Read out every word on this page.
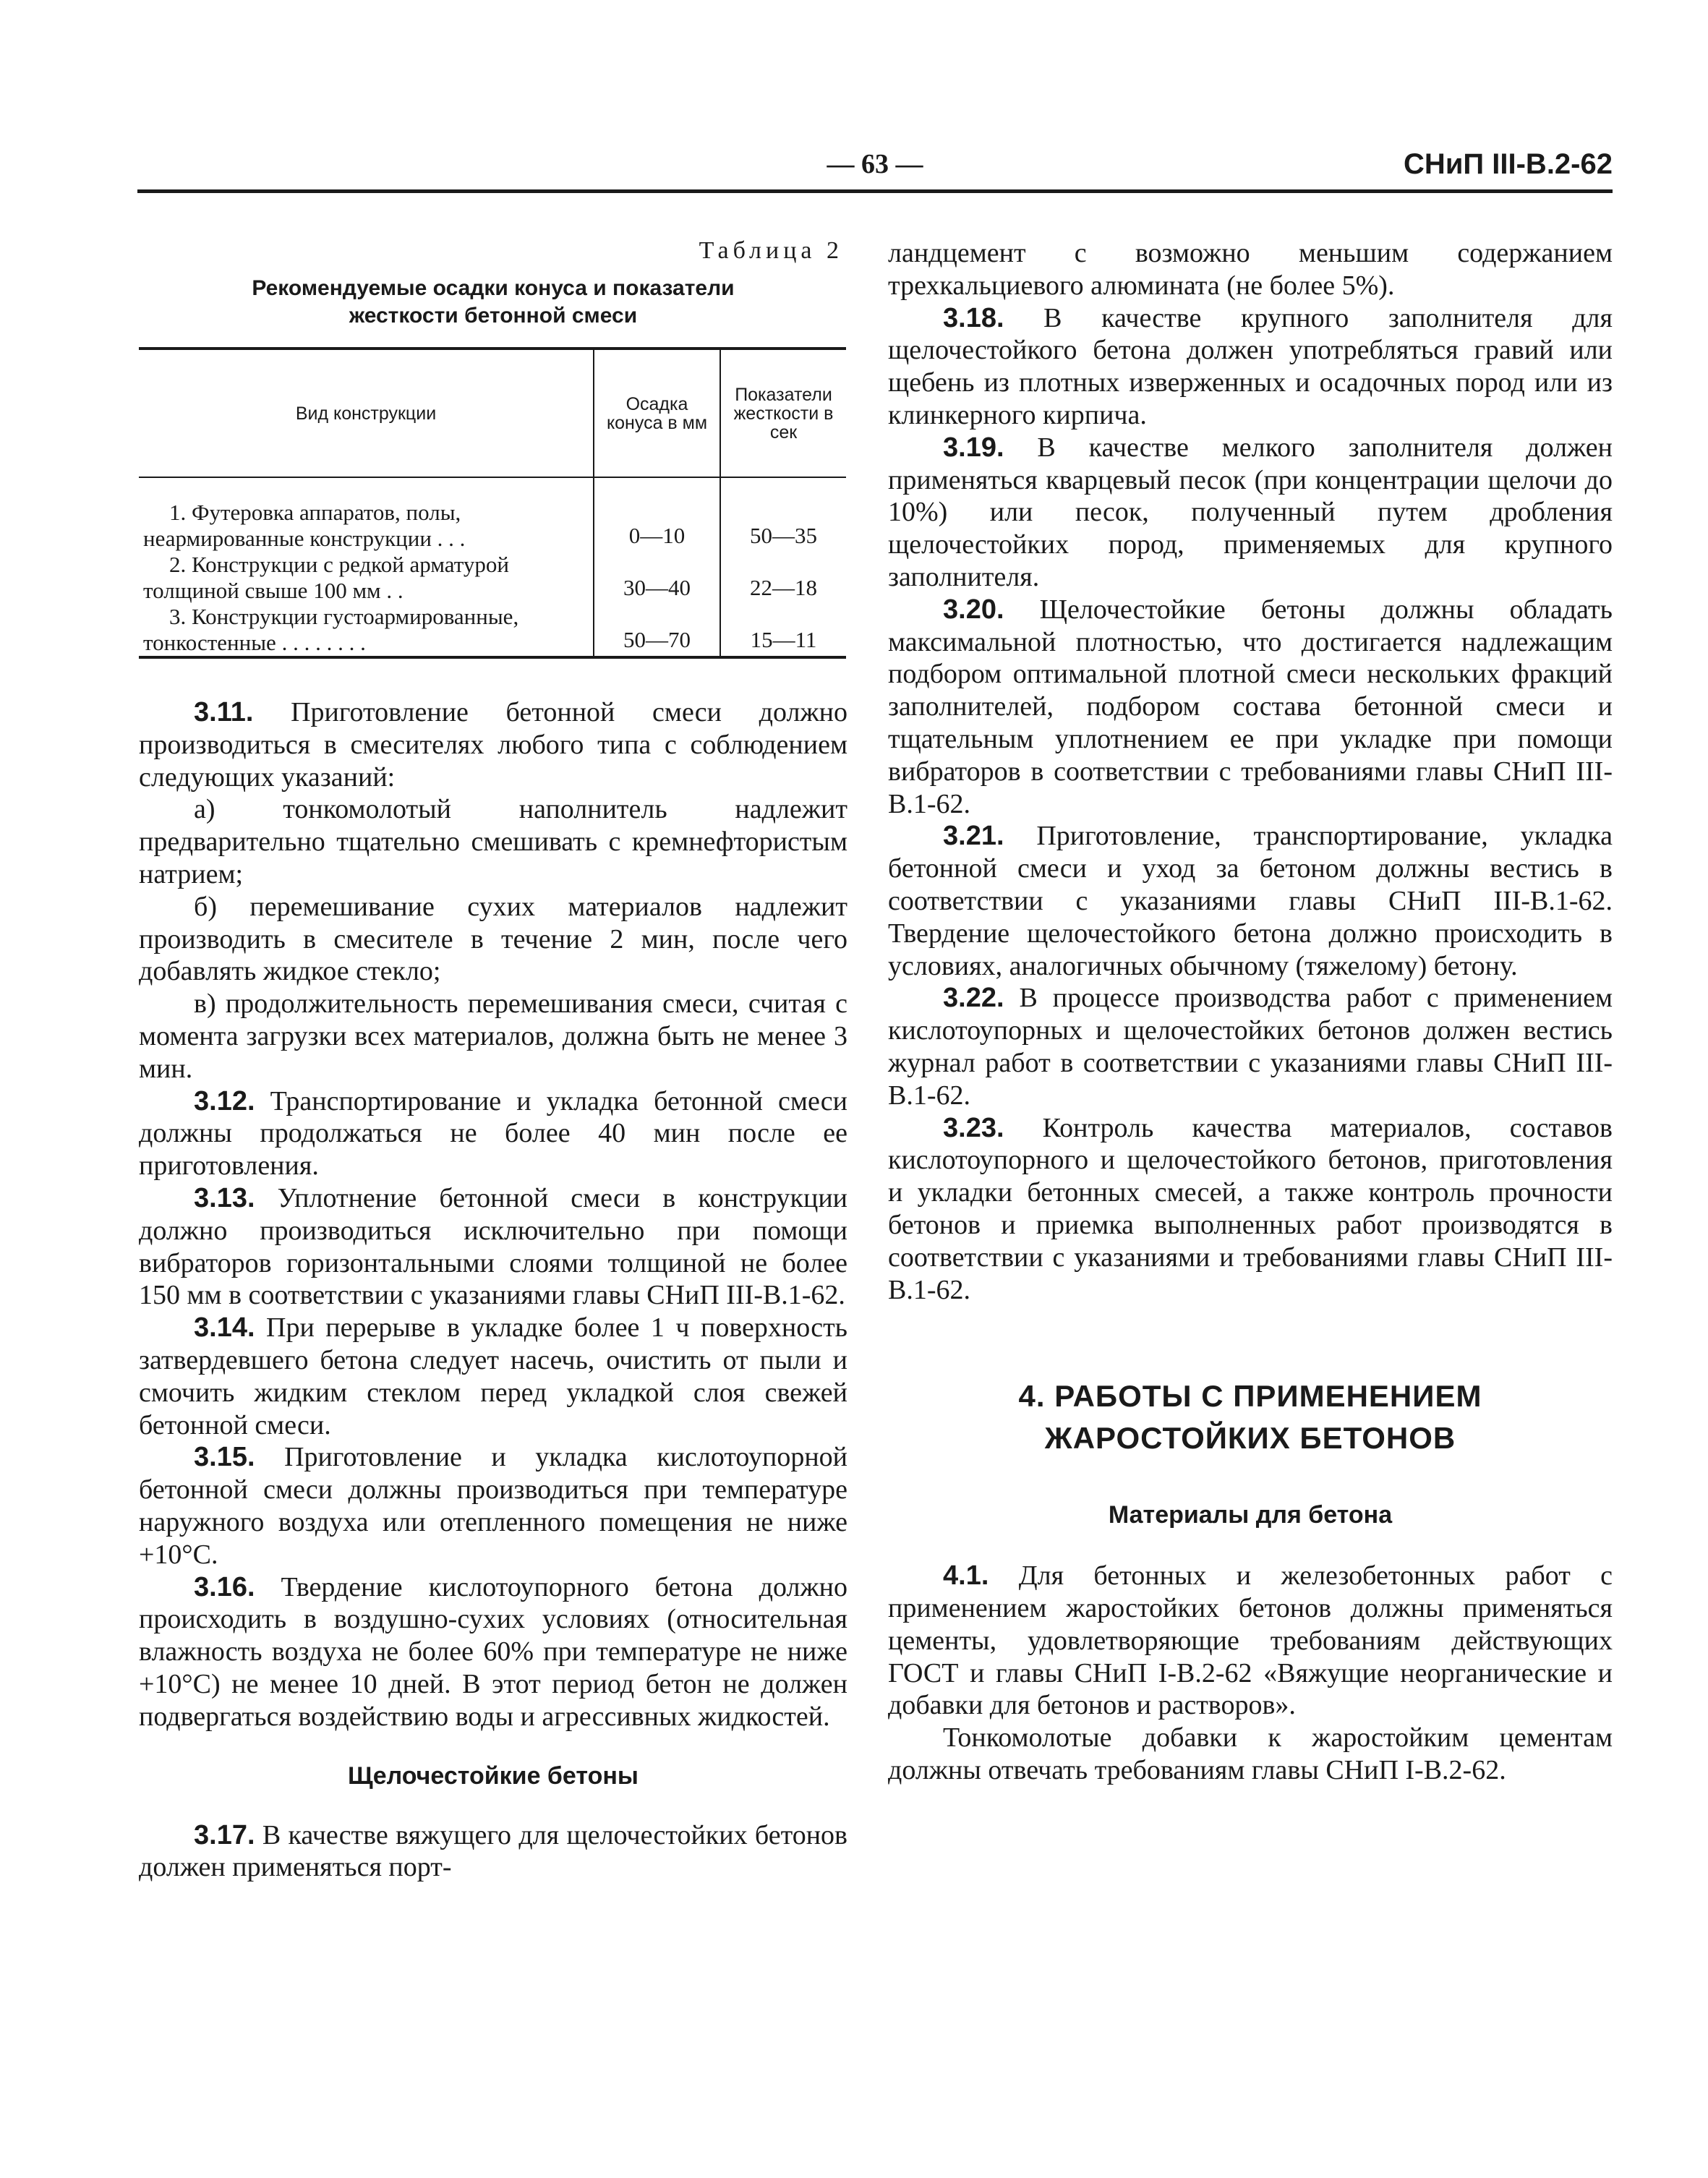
— 63 —	СНиП III-В.2-62
Таблица 2
Рекомендуемые осадки конуса и показатели
жесткости бетонной смеси
Вид конструкции	Осадка конуса в мм	Показатели жесткости в сек
1. Футеровка аппаратов, полы, неармированные конструкции . . .	0—10	50—35
2. Конструкции с редкой арматурой толщиной свыше 100 мм . .	30—40	22—18
3. Конструкции густоармированные, тонкостенные . . . . . . . .	50—70	15—11

3.11. Приготовление бетонной смеси должно производиться в смесителях любого типа с соблюдением следующих указаний:

а) тонкомолотый наполнитель надлежит предварительно тщательно смешивать с кремнефтористым натрием;

б) перемешивание сухих материалов надлежит производить в смесителе в течение 2 мин, после чего добавлять жидкое стекло;

в) продолжительность перемешивания смеси, считая с момента загрузки всех материалов, должна быть не менее 3 мин.

3.12. Транспортирование и укладка бетонной смеси должны продолжаться не более 40 мин после ее приготовления.

3.13. Уплотнение бетонной смеси в конструкции должно производиться исключительно при помощи вибраторов горизонтальными слоями толщиной не более 150 мм в соответствии с указаниями главы СНиП III-В.1-62.

3.14. При перерыве в укладке более 1 ч поверхность затвердевшего бетона следует насечь, очистить от пыли и смочить жидким стеклом перед укладкой слоя свежей бетонной смеси.

3.15. Приготовление и укладка кислотоупорной бетонной смеси должны производиться при температуре наружного воздуха или отепленного помещения не ниже +10°С.

3.16. Твердение кислотоупорного бетона должно происходить в воздушно-сухих условиях (относительная влажность воздуха не более 60% при температуре не ниже +10°С) не менее 10 дней. В этот период бетон не должен подвергаться воздействию воды и агрессивных жидкостей.

Щелочестойкие бетоны

3.17. В качестве вяжущего для щелочестойких бетонов должен применяться порт-

ландцемент с возможно меньшим содержанием трехкальциевого алюмината (не более 5%).

3.18. В качестве крупного заполнителя для щелочестойкого бетона должен употребляться гравий или щебень из плотных изверженных и осадочных пород или из клинкерного кирпича.

3.19. В качестве мелкого заполнителя должен применяться кварцевый песок (при концентрации щелочи до 10%) или песок, полученный путем дробления щелочестойких пород, применяемых для крупного заполнителя.

3.20. Щелочестойкие бетоны должны обладать максимальной плотностью, что достигается надлежащим подбором оптимальной плотной смеси нескольких фракций заполнителей, подбором состава бетонной смеси и тщательным уплотнением ее при укладке при помощи вибраторов в соответствии с требованиями главы СНиП III-В.1-62.

3.21. Приготовление, транспортирование, укладка бетонной смеси и уход за бетоном должны вестись в соответствии с указаниями главы СНиП III-В.1-62. Твердение щелочестойкого бетона должно происходить в условиях, аналогичных обычному (тяжелому) бетону.

3.22. В процессе производства работ с применением кислотоупорных и щелочестойких бетонов должен вестись журнал работ в соответствии с указаниями главы СНиП III-В.1-62.

3.23. Контроль качества материалов, составов кислотоупорного и щелочестойкого бетонов, приготовления и укладки бетонных смесей, а также контроль прочности бетонов и приемка выполненных работ производятся в соответствии с указаниями и требованиями главы СНиП III-В.1-62.

4. РАБОТЫ С ПРИМЕНЕНИЕМ
ЖАРОСТОЙКИХ БЕТОНОВ
Материалы для бетона

4.1. Для бетонных и железобетонных работ с применением жаростойких бетонов должны применяться цементы, удовлетворяющие требованиям действующих ГОСТ и главы СНиП I-В.2-62 «Вяжущие неорганические и добавки для бетонов и растворов».

Тонкомолотые добавки к жаростойким цементам должны отвечать требованиям главы СНиП I-В.2-62.
